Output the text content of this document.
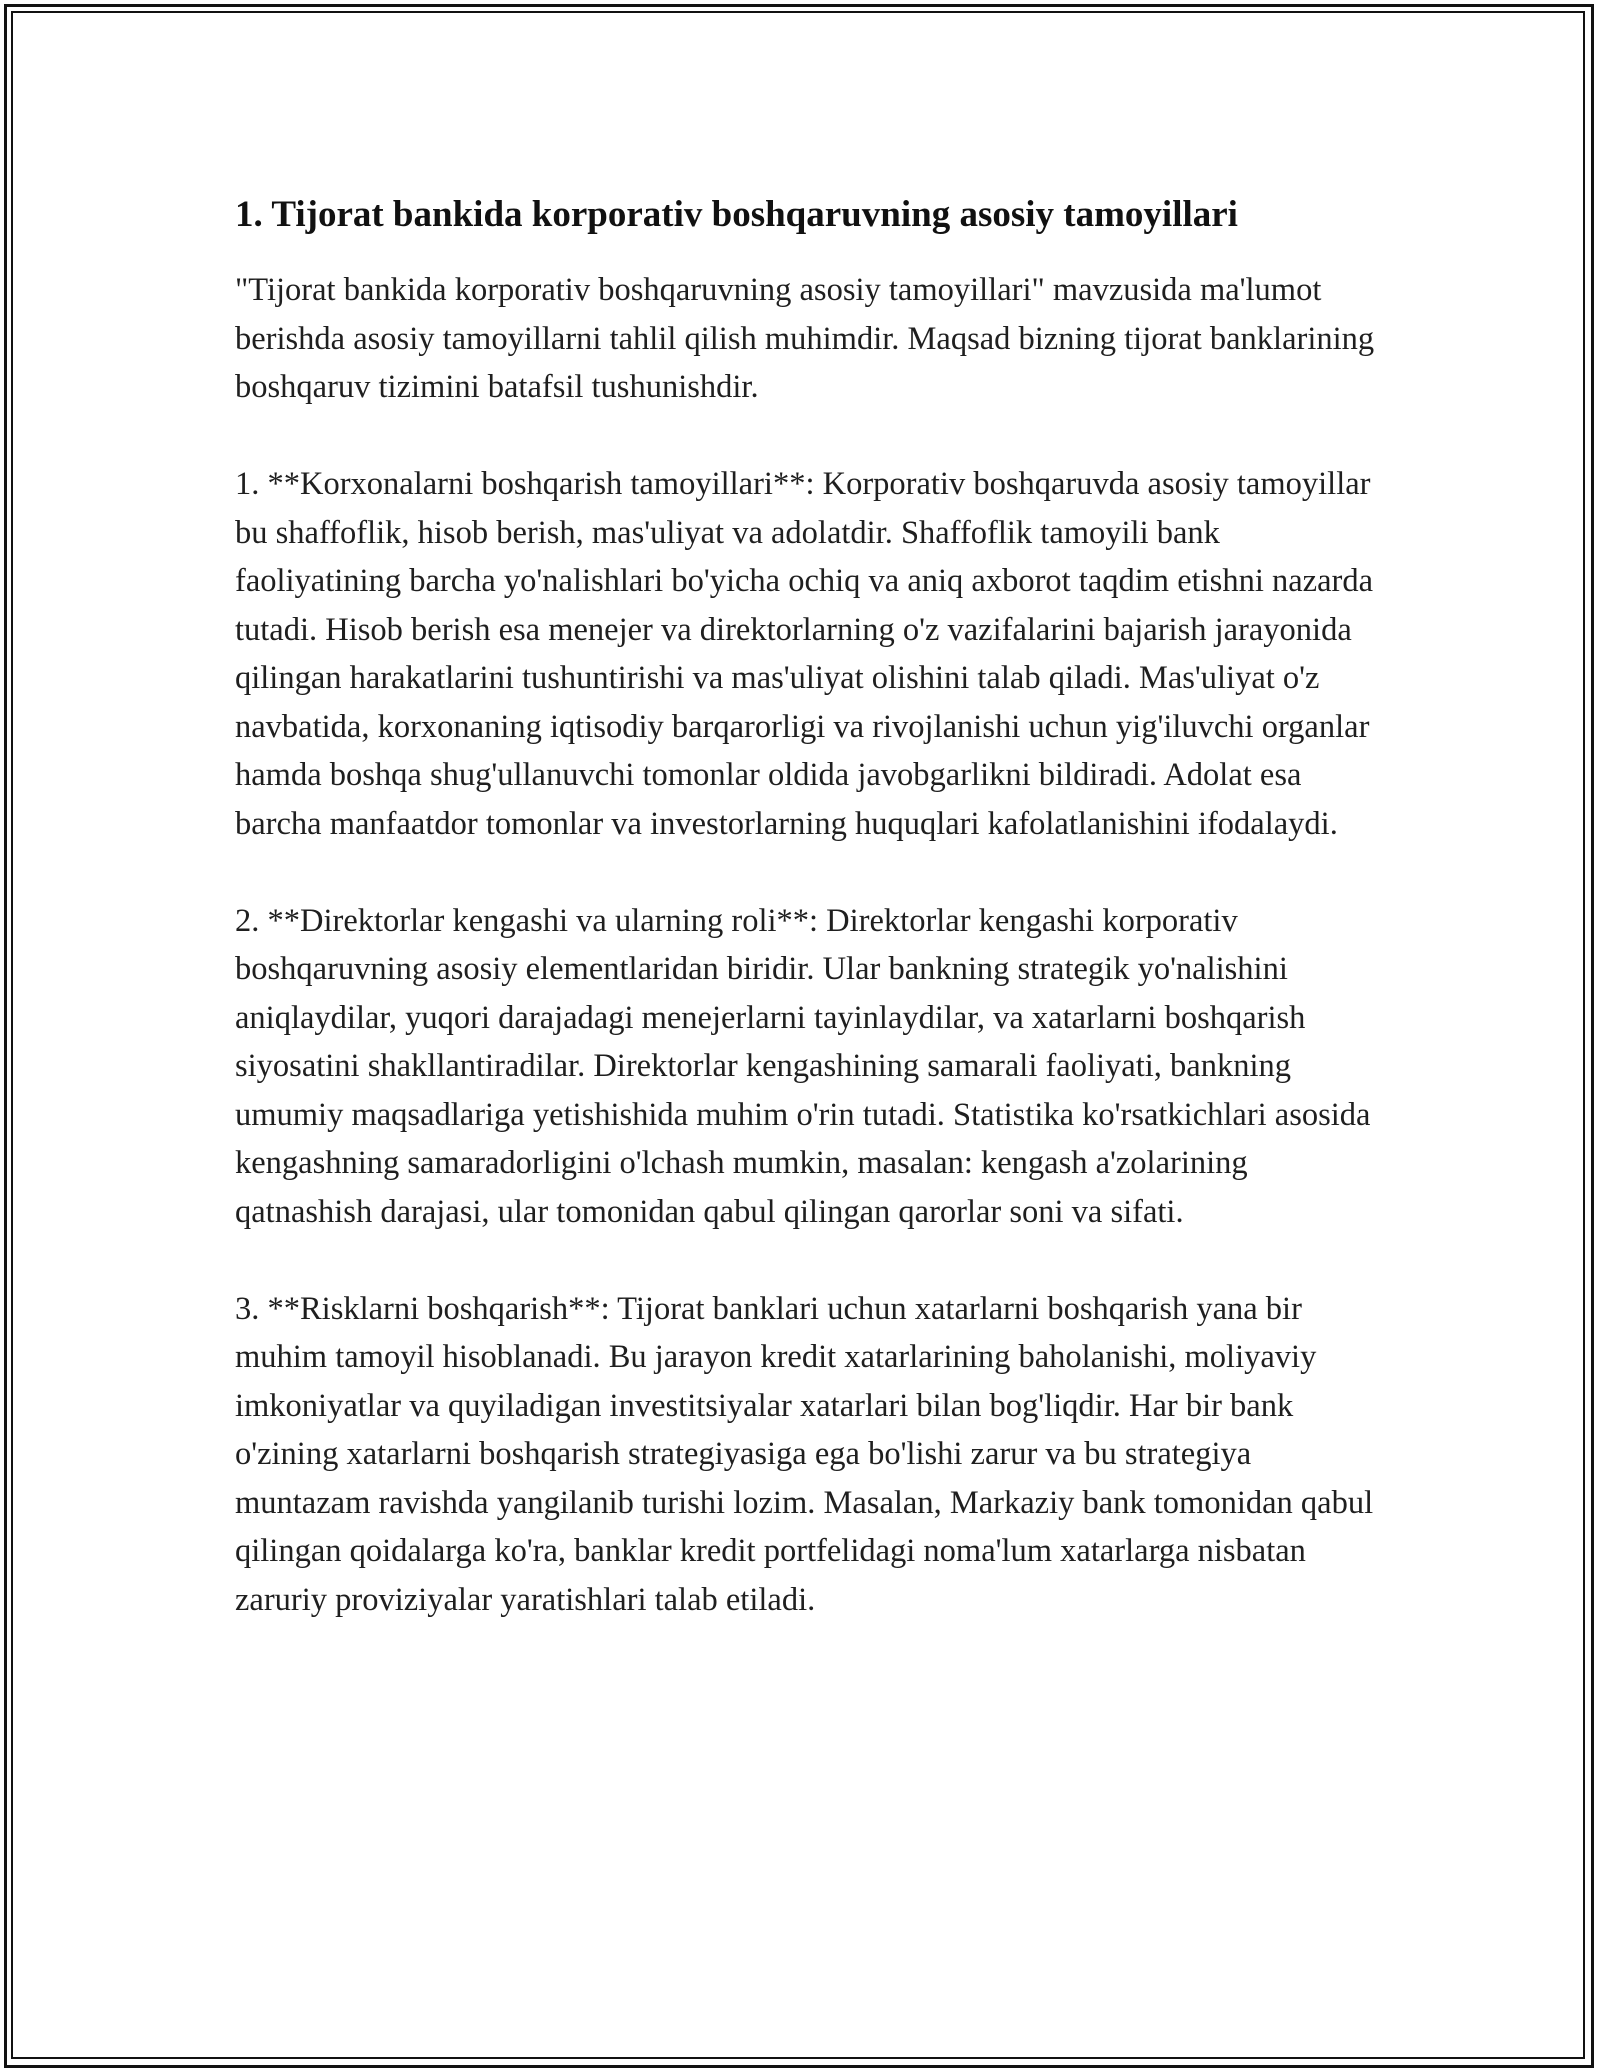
1. Tijorat bankida korporativ boshqaruvning asosiy tamoyillari

"Tijorat bankida korporativ boshqaruvning asosiy tamoyillari" mavzusida ma'lumot berishda asosiy tamoyillarni tahlil qilish muhimdir. Maqsad bizning tijorat banklarining boshqaruv tizimini batafsil tushunishdir.

1. **Korxonalarni boshqarish tamoyillari**: Korporativ boshqaruvda asosiy tamoyillar bu shaffoflik, hisob berish, mas'uliyat va adolatdir. Shaffoflik tamoyili bank faoliyatining barcha yo'nalishlari bo'yicha ochiq va aniq axborot taqdim etishni nazarda tutadi. Hisob berish esa menejer va direktorlarning o'z vazifalarini bajarish jarayonida qilingan harakatlarini tushuntirishi va mas'uliyat olishini talab qiladi. Mas'uliyat o'z navbatida, korxonaning iqtisodiy barqarorligi va rivojlanishi uchun yig'iluvchi organlar hamda boshqa shug'ullanuvchi tomonlar oldida javobgarlikni bildiradi. Adolat esa barcha manfaatdor tomonlar va investorlarning huquqlari kafolatlanishini ifodalaydi.

2. **Direktorlar kengashi va ularning roli**: Direktorlar kengashi korporativ boshqaruvning asosiy elementlaridan biridir. Ular bankning strategik yo'nalishini aniqlaydilar, yuqori darajadagi menejerlarni tayinlaydilar, va xatarlarni boshqarish siyosatini shakllantiradilar. Direktorlar kengashining samarali faoliyati, bankning umumiy maqsadlariga yetishishida muhim o'rin tutadi. Statistika ko'rsatkichlari asosida kengashning samaradorligini o'lchash mumkin, masalan: kengash a'zolarining qatnashish darajasi, ular tomonidan qabul qilingan qarorlar soni va sifati.

3. **Risklarni boshqarish**: Tijorat banklari uchun xatarlarni boshqarish yana bir muhim tamoyil hisoblanadi. Bu jarayon kredit xatarlarining baholanishi, moliyaviy imkoniyatlar va quyiladigan investitsiyalar xatarlari bilan bog'liqdir. Har bir bank o'zining xatarlarni boshqarish strategiyasiga ega bo'lishi zarur va bu strategiya muntazam ravishda yangilanib turishi lozim. Masalan, Markaziy bank tomonidan qabul qilingan qoidalarga ko'ra, banklar kredit portfelidagi noma'lum xatarlarga nisbatan zaruriy proviziyalar yaratishlari talab etiladi.
